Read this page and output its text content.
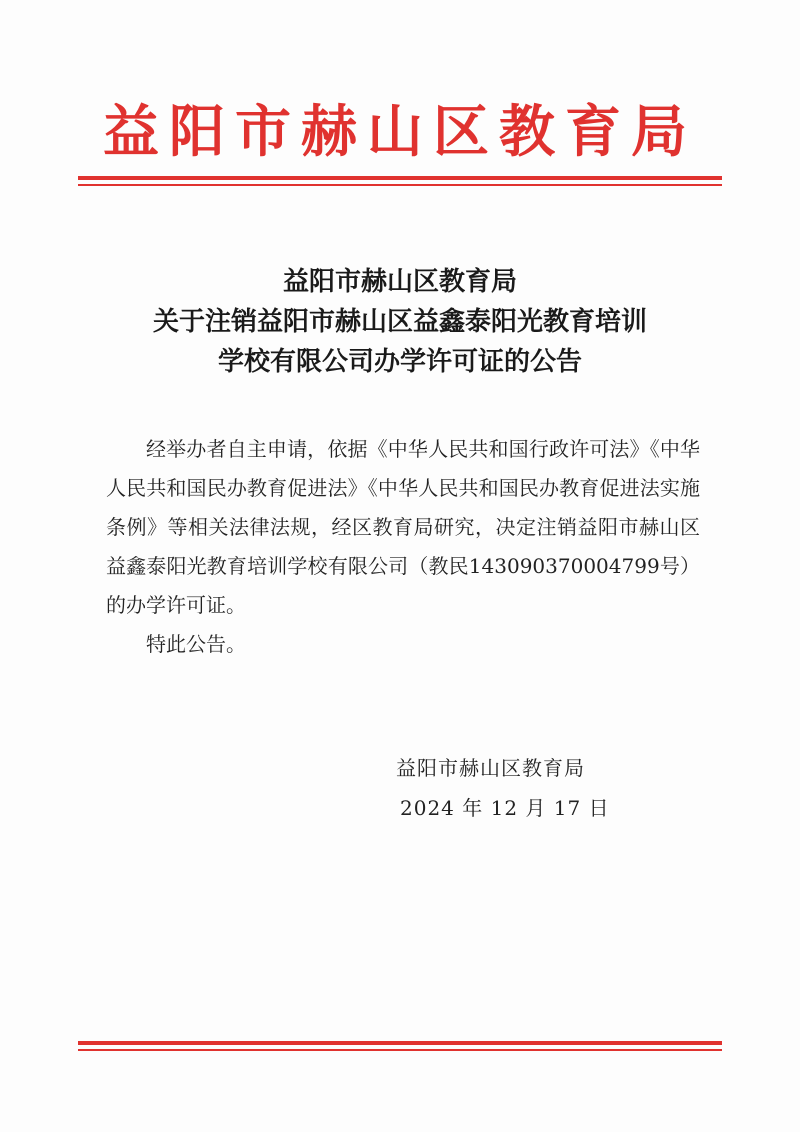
益阳市赫山区教育局
益阳市赫山区教育局
关于注销益阳市赫山区益鑫泰阳光教育培训
学校有限公司办学许可证的公告

经举办者自主申请，依据《中华人民共和国行政许可法》《中华人民共和国民办教育促进法》《中华人民共和国民办教育促进法实施条例》等相关法律法规，经区教育局研究，决定注销益阳市赫山区益鑫泰阳光教育培训学校有限公司（教民143090370004799号）的办学许可证。

特此公告。

益阳市赫山区教育局
2024 年 12 月 17 日
